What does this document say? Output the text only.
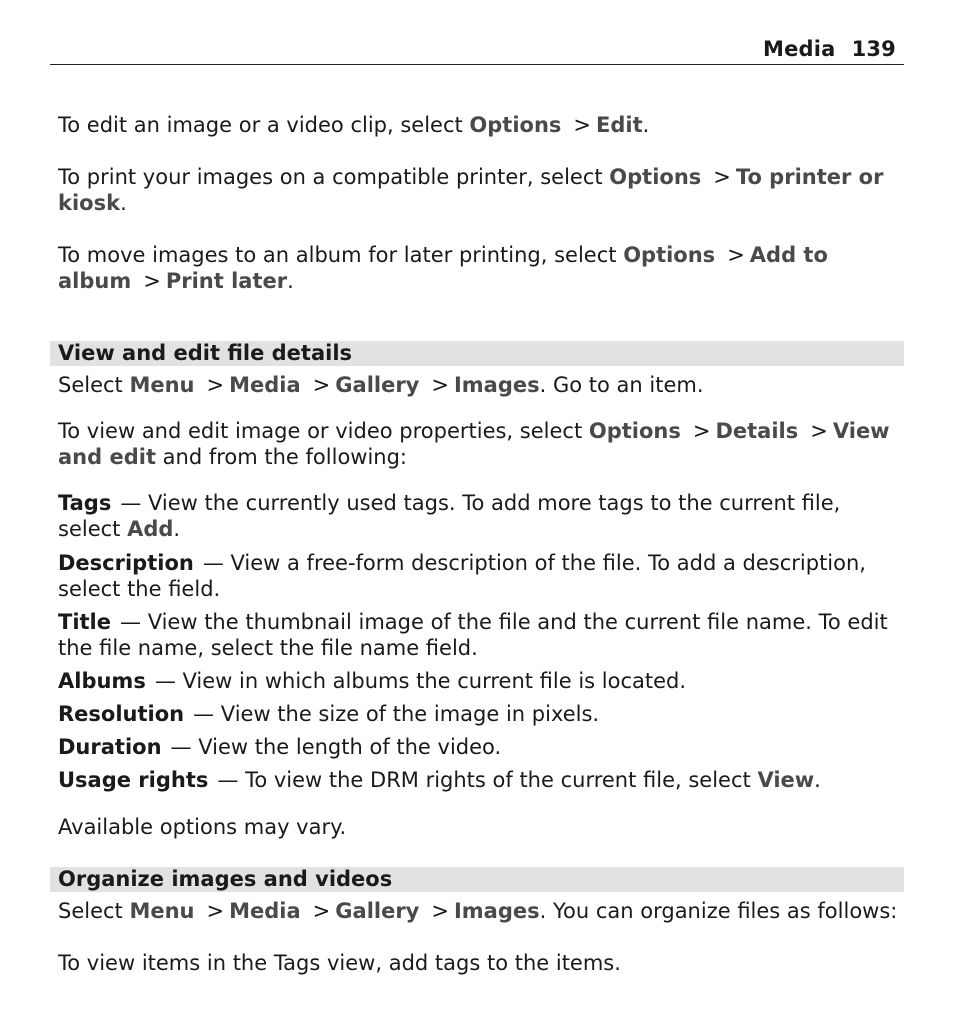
Media 139

To edit an image or a video clip, select Options > Edit.

To print your images on a compatible printer, select Options > To printer or kiosk.

To move images to an album for later printing, select Options > Add to album > Print later.

View and edit file details

Select Menu > Media > Gallery > Images. Go to an item.

To view and edit image or video properties, select Options > Details > View and edit and from the following:

Tags — View the currently used tags. To add more tags to the current file, select Add.

Description — View a free-form description of the file. To add a description, select the field.

Title — View the thumbnail image of the file and the current file name. To edit the file name, select the file name field.

Albums — View in which albums the current file is located.

Resolution — View the size of the image in pixels.

Duration — View the length of the video.

Usage rights — To view the DRM rights of the current file, select View.

Available options may vary.

Organize images and videos

Select Menu > Media > Gallery > Images. You can organize files as follows:

To view items in the Tags view, add tags to the items.
